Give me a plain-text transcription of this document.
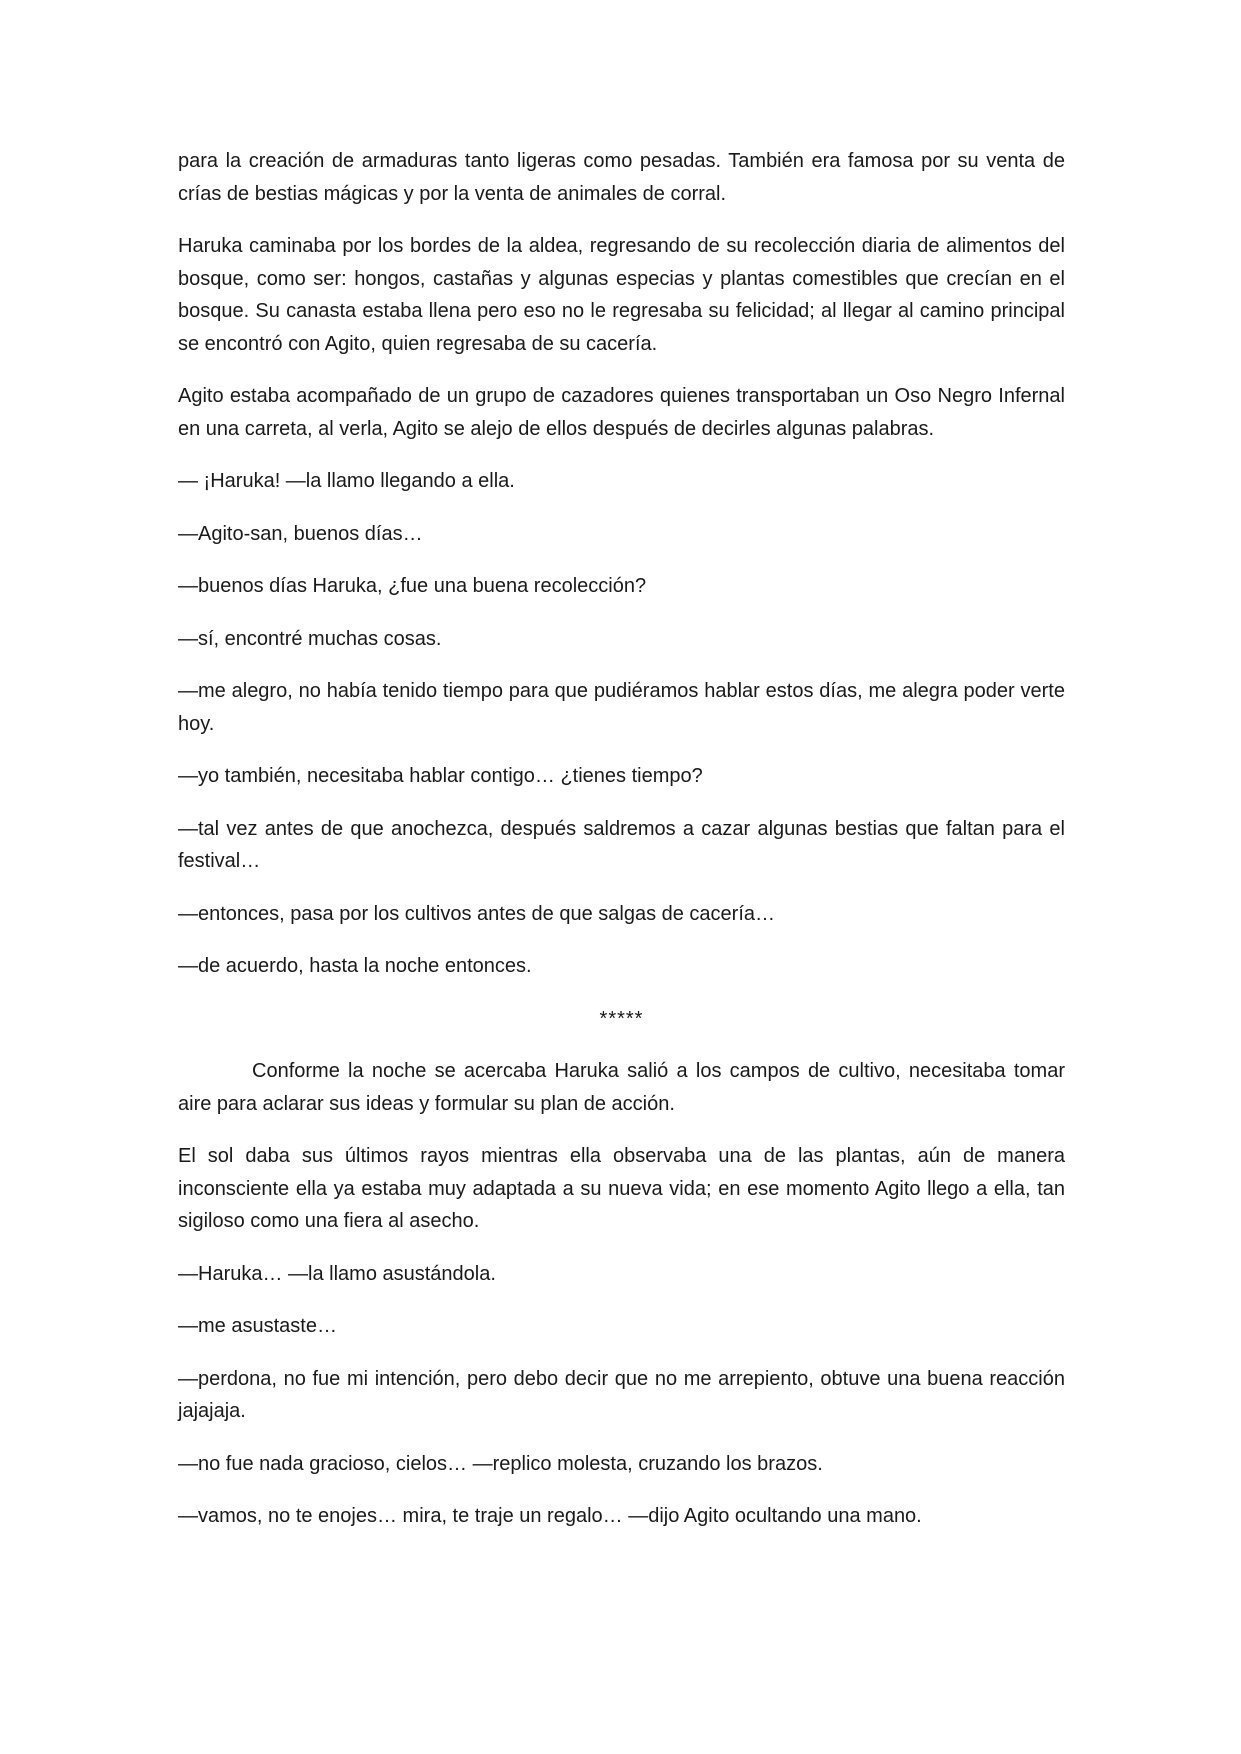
para la creación de armaduras tanto ligeras como pesadas. También era famosa por su venta de crías de bestias mágicas y por la venta de animales de corral.

Haruka caminaba por los bordes de la aldea, regresando de su recolección diaria de alimentos del bosque, como ser: hongos, castañas y algunas especias y plantas comestibles que crecían en el bosque. Su canasta estaba llena pero eso no le regresaba su felicidad; al llegar al camino principal se encontró con Agito, quien regresaba de su cacería.

Agito estaba acompañado de un grupo de cazadores quienes transportaban un Oso Negro Infernal en una carreta, al verla, Agito se alejo de ellos después de decirles algunas palabras.

— ¡Haruka! —la llamo llegando a ella.

—Agito-san, buenos días…

—buenos días Haruka, ¿fue una buena recolección?

—sí, encontré muchas cosas.

—me alegro, no había tenido tiempo para que pudiéramos hablar estos días, me alegra poder verte hoy.

—yo también, necesitaba hablar contigo… ¿tienes tiempo?

—tal vez antes de que anochezca, después saldremos a cazar algunas bestias que faltan para el festival…

—entonces, pasa por los cultivos antes de que salgas de cacería…

—de acuerdo, hasta la noche entonces.

*****

Conforme la noche se acercaba Haruka salió a los campos de cultivo, necesitaba tomar aire para aclarar sus ideas y formular su plan de acción.

El sol daba sus últimos rayos mientras ella observaba una de las plantas, aún de manera inconsciente ella ya estaba muy adaptada a su nueva vida; en ese momento Agito llego a ella, tan sigiloso como una fiera al asecho.

—Haruka… —la llamo asustándola.

—me asustaste…

—perdona, no fue mi intención, pero debo decir que no me arrepiento, obtuve una buena reacción jajajaja.

—no fue nada gracioso, cielos… —replico molesta, cruzando los brazos.

—vamos, no te enojes… mira, te traje un regalo… —dijo Agito ocultando una mano.
